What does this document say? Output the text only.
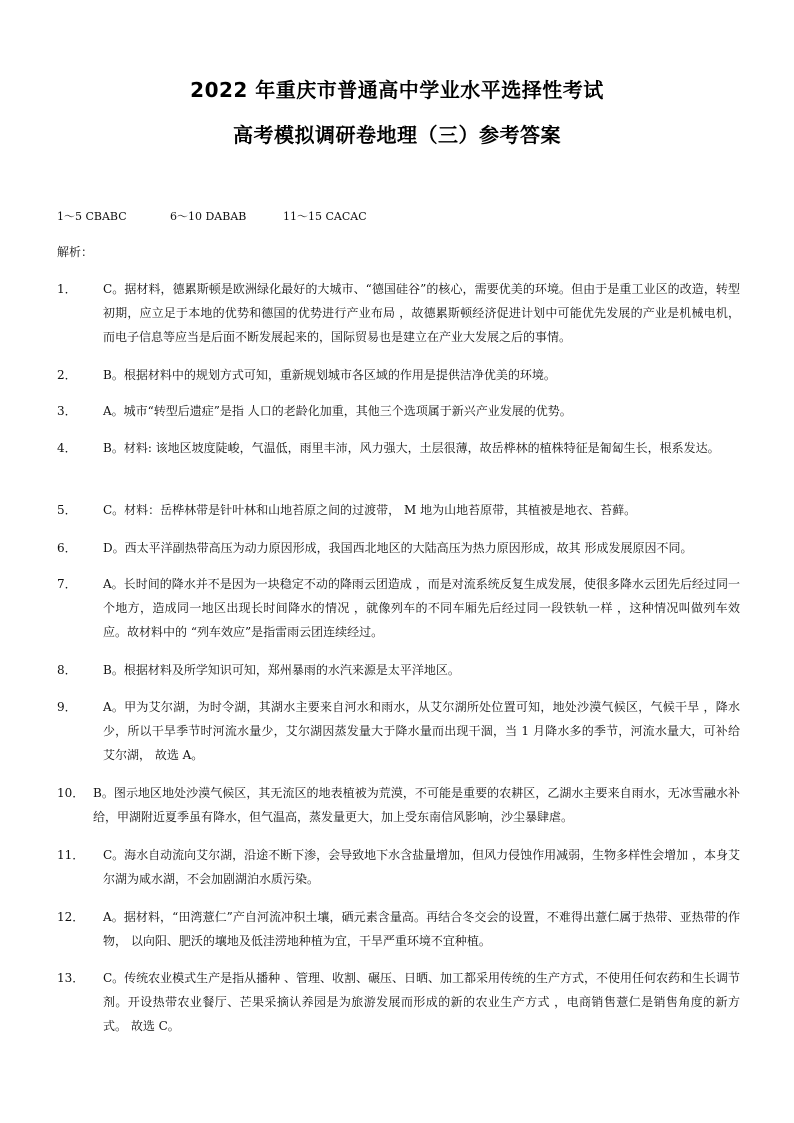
2022 年重庆市普通高中学业水平选择性考试
高考模拟调研卷地理（三）参考答案
1～5 CBABC	6～10 DABAB	11～15 CACAC
解析：
1．	C。据材料，德累斯顿是欧洲绿化最好的大城市、“德国硅谷”的核心，需要优美的环境。但由于是重工业区的改造，转型初期，应立足于本地的优势和德国的优势进行产业布局 ，故德累斯顿经济促进计划中可能优先发展的产业是机械电机，而电子信息等应当是后面不断发展起来的，国际贸易也是建立在产业大发展之后的事情。
2．	B。根据材料中的规划方式可知，重新规划城市各区域的作用是提供洁净优美的环境。
3．	A。城市“转型后遗症”是指 人口的老龄化加重，其他三个选项属于新兴产业发展的优势。
4．	B。材料: 该地区坡度陡峻，气温低，雨里丰沛，风力强大，土层很薄，故岳桦林的植株特征是匍匐生长，根系发达。
5．	C。材料：岳桦林带是针叶林和山地苔原之间的过渡带， M 地为山地苔原带，其植被是地衣、苔藓。
6．	D。西太平洋副热带高压为动力原因形成，我国西北地区的大陆高压为热力原因形成，故其 形成发展原因不同。
7．	A。长时间的降水并不是因为一块稳定不动的降雨云团造成 ，而是对流系统反复生成发展，使很多降水云团先后经过同一个地方，造成同一地区出现长时间降水的情况 ，就像列车的不同车厢先后经过同一段铁轨一样 ，这种情况叫做列车效应。故材料中的 “列车效应”是指雷雨云团连续经过。
8．	B。根据材料及所学知识可知，郑州暴雨的水汽来源是太平洋地区。
9．	A。甲为艾尔湖，为时令湖，其湖水主要来自河水和雨水，从艾尔湖所处位置可知，地处沙漠气候区，气候干旱 ，降水少，所以干旱季节时河流水量少，艾尔湖因蒸发量大于降水量而出现干涸，当 1 月降水多的季节，河流水量大，可补给艾尔湖， 故选 A。
10． B。图示地区地处沙漠气候区，其无流区的地表植被为荒漠，不可能是重要的农耕区，乙湖水主要来自雨水，无冰雪融水补给，甲湖附近夏季虽有降水，但气温高，蒸发量更大，加上受东南信风影响，沙尘暴肆虐。
11．	C。海水自动流向艾尔湖，沿途不断下渗，会导致地下水含盐量增加，但风力侵蚀作用减弱，生物多样性会增加 ，本身艾尔湖为咸水湖，不会加剧湖泊水质污染。
12．	A。据材料，“田湾薏仁”产自河流冲积土壤，硒元素含量高。再结合冬交会的设置，不难得出薏仁属于热带、亚热带的作物， 以向阳、肥沃的壤地及低洼涝地种植为宜，干旱严重环境不宜种植。
13．	C。传统农业模式生产是指从播种 、管理、收割、碾压、日晒、加工都采用传统的生产方式，不使用任何农药和生长调节剂。开设热带农业餐厅、芒果采摘认养园是为旅游发展而形成的新的农业生产方式 ，电商销售薏仁是销售角度的新方式。 故选 C。
